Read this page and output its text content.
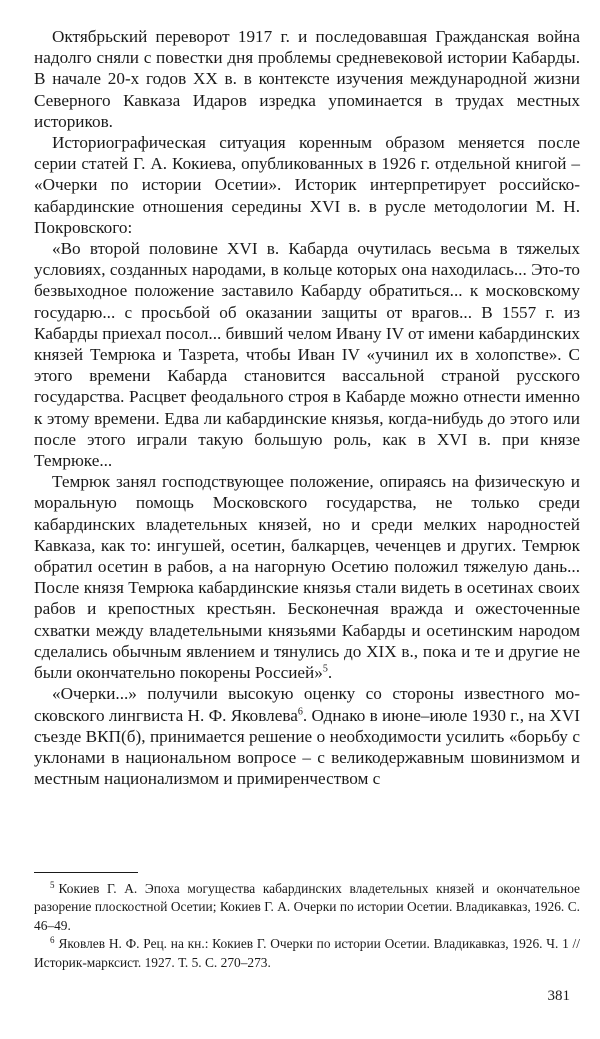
Октябрьский переворот 1917 г. и последовавшая Гражданская война надолго сняли с повестки дня проблемы средневековой истории Кабарды. В начале 20-х годов XX в. в контексте изучения международной жизни Северного Кавказа Идаров изредка упоминается в трудах местных историков.

Историографическая ситуация коренным образом меняется после серии статей Г. А. Кокиева, опубликованных в 1926 г. отдельной книгой – «Очерки по истории Осетии». Историк интерпретирует российско-кабардинские отношения середины XVI в. в русле методологии М. Н. Покровского:

«Во второй половине XVI в. Кабарда очутилась весьма в тяжелых условиях, созданных народами, в кольце которых она находилась... Это-то безвыходное положение заставило Кабарду обратиться... к московскому государю... с просьбой об оказании защиты от врагов... В 1557 г. из Кабарды приехал посол... бивший челом Ивану IV от имени кабардинских князей Темрюка и Тазрета, чтобы Иван IV «учинил их в холопстве». С этого времени Кабарда становится вассальной страной русского государства. Расцвет феодального строя в Кабарде можно отнести именно к этому времени. Едва ли кабардинские князья, когда-нибудь до этого или после этого играли такую большую роль, как в XVI в. при князе Темрюке...

Темрюк занял господствующее положение, опираясь на физическую и моральную помощь Московского государства, не только среди кабардинских владетельных князей, но и среди мелких народностей Кавказа, как то: ингушей, осетин, балкарцев, чеченцев и других. Темрюк обратил осетин в рабов, а на нагорную Осетию положил тяжелую дань... После князя Темрюка кабардинские князья стали видеть в осетинах своих рабов и крепостных крестьян. Бесконечная вражда и ожесточенные схватки между владетельными князьями Кабарды и осетинским народом сделались обычным явлением и тянулись до XIX в., пока и те и другие не были окончательно покорены Россией»$^5$.

«Очерки...» получили высокую оценку со стороны известного московского лингвиста Н. Ф. Яковлева$^6$. Однако в июне–июле 1930 г., на XVI съезде ВКП(б), принимается решение о необходимости усилить «борьбу с уклонами в национальном вопросе – с великодержавным шовинизмом и местным национализмом и примиренчеством с

$^5$ Кокиев Г. А. Эпоха могущества кабардинских владетельных князей и окончательное разорение плоскостной Осетии; Кокиев Г. А. Очерки по истории Осетии. Владикавказ, 1926. С. 46–49.

$^6$ Яковлев Н. Ф. Рец. на кн.: Кокиев Г. Очерки по истории Осетии. Владикавказ, 1926. Ч. 1 // Историк-марксист. 1927. Т. 5. С. 270–273.

381
